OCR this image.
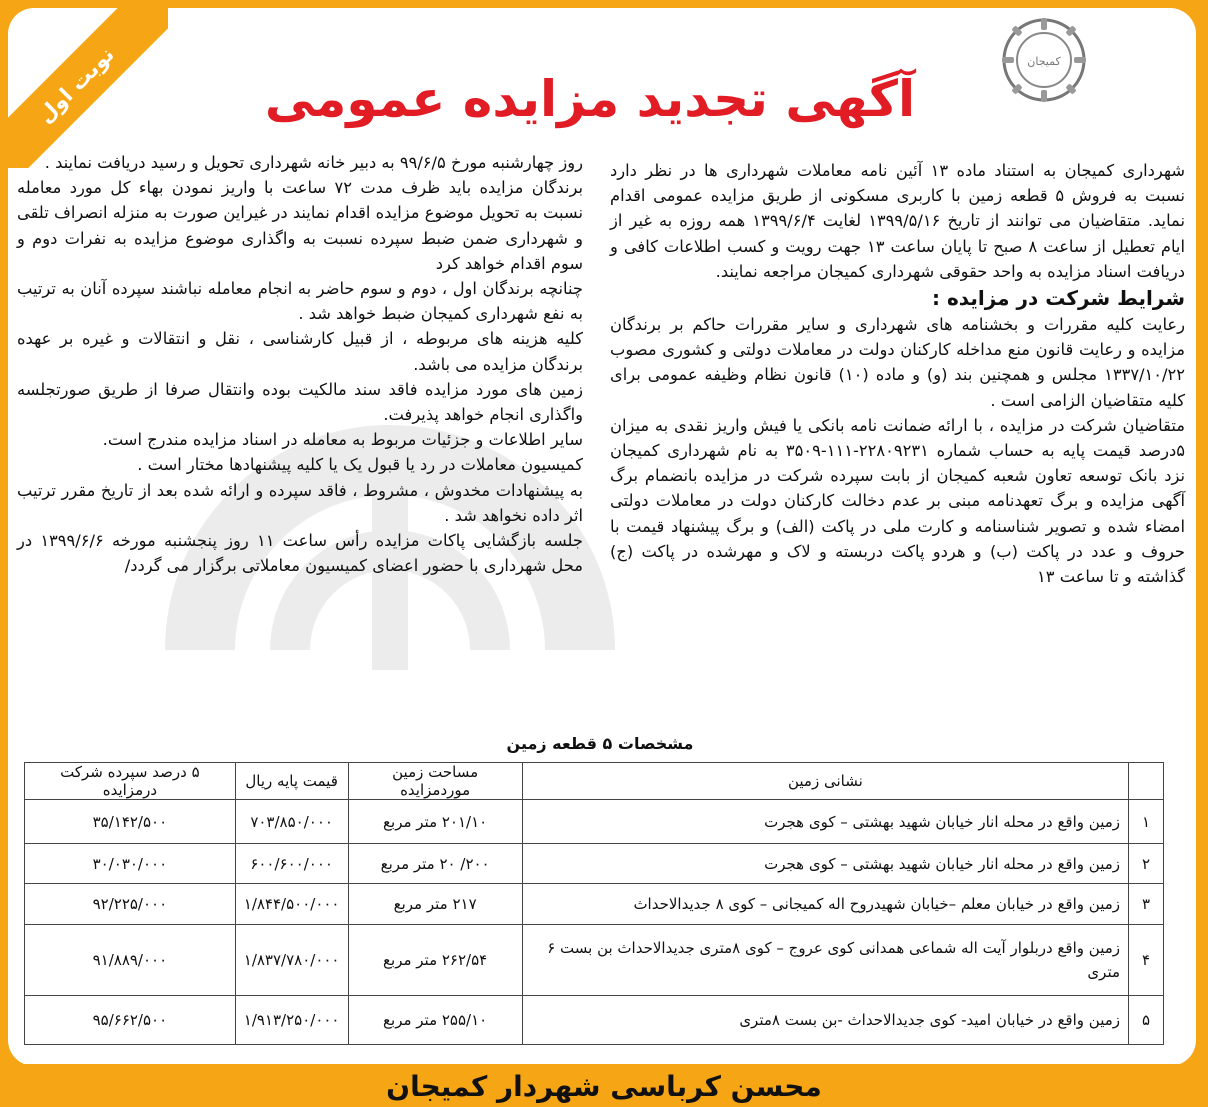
نوبت اول	کمیجان
آگهی تجدید مزایده عمومی

شهرداری کمیجان به استناد ماده ۱۳ آئین نامه معاملات شهرداری ها در نظر دارد نسبت به فروش ۵ قطعه زمین با کاربری مسکونی از طریق مزایده عمومی اقدام نماید. متقاضیان می توانند از تاریخ ۱۳۹۹/۵/۱۶ لغایت ۱۳۹۹/۶/۴ همه روزه به غیر از ایام تعطیل از ساعت ۸ صبح تا پایان ساعت ۱۳ جهت رویت و کسب اطلاعات کافی و دریافت اسناد مزایده به واحد حقوقی شهرداری کمیجان مراجعه نمایند.

شرایط شرکت در مزایده :

رعایت کلیه مقررات و بخشنامه های شهرداری و سایر مقررات حاکم بر برندگان مزایده و رعایت قانون منع مداخله کارکنان دولت در معاملات دولتی و کشوری مصوب ۱۳۳۷/۱۰/۲۲ مجلس و همچنین بند (و) و ماده (۱۰) قانون نظام وظیفه عمومی برای کلیه متقاضیان الزامی است .

متقاضیان شرکت در مزایده ، با ارائه ضمانت نامه بانکی یا فیش واریز نقدی به میزان ۵درصد قیمت پایه به حساب شماره ۲۲۸۰۹۲۳۱-۱۱۱-۳۵۰۹ به نام شهرداری کمیجان نزد بانک توسعه تعاون شعبه کمیجان از بابت سپرده شرکت در مزایده بانضمام برگ آگهی مزایده و برگ تعهدنامه مبنی بر عدم دخالت کارکنان دولت در معاملات دولتی امضاء شده و تصویر شناسنامه و کارت ملی در پاکت (الف) و برگ پیشنهاد قیمت با حروف و عدد در پاکت (ب) و هردو پاکت دربسته و لاک و مهرشده در پاکت (ج) گذاشته و تا ساعت ۱۳

روز چهارشنبه مورخ ۹۹/۶/۵ به دبیر خانه شهرداری تحویل و رسید دریافت نمایند .

برندگان مزایده باید ظرف مدت ۷۲ ساعت با واریز نمودن بهاء کل مورد معامله نسبت به تحویل موضوع مزایده اقدام نمایند در غیراین صورت به منزله انصراف تلقی و شهرداری ضمن ضبط سپرده نسبت به واگذاری موضوع مزایده به نفرات دوم و سوم اقدام خواهد کرد

چنانچه برندگان اول ، دوم و سوم حاضر به انجام معامله نباشند سپرده آنان به ترتیب به نفع شهرداری کمیجان ضبط خواهد شد .

کلیه هزینه های مربوطه ، از قبیل کارشناسی ، نقل و انتقالات و غیره بر عهده برندگان مزایده می باشد.

زمین های مورد مزایده فاقد سند مالکیت بوده وانتقال صرفا از طریق صورتجلسه واگذاری انجام خواهد پذیرفت.

سایر اطلاعات و جزئیات مربوط به معامله در اسناد مزایده مندرج است.

کمیسیون معاملات در رد یا قبول یک یا کلیه پیشنهادها مختار است .

به پیشنهادات مخدوش ، مشروط ، فاقد سپرده و ارائه شده بعد از تاریخ مقرر ترتیب اثر داده نخواهد شد .

جلسه بازگشایی پاکات مزایده رأس ساعت ۱۱ روز پنجشنبه مورخه ۱۳۹۹/۶/۶ در محل شهرداری با حضور اعضای کمیسیون معاملاتی برگزار می گردد/

مشخصات ۵ قطعه زمین
	نشانی زمین	مساحت زمین موردمزایده	قیمت پایه ریال	۵ درصد سپرده شرکت درمزایده
۱	زمین واقع در محله انار خیابان شهید بهشتی – کوی هجرت	۲۰۱/۱۰ متر مربع	۷۰۳/۸۵۰/۰۰۰	۳۵/۱۴۲/۵۰۰
۲	زمین واقع در محله انار خیابان شهید بهشتی – کوی هجرت	۲۰۰/ ۲۰ متر مربع	۶۰۰/۶۰۰/۰۰۰	۳۰/۰۳۰/۰۰۰
۳	زمین واقع در خیابان معلم –خیابان شهیدروح اله کمیجانی – کوی ۸ جدیدالاحداث	۲۱۷ متر مربع	۱/۸۴۴/۵۰۰/۰۰۰	۹۲/۲۲۵/۰۰۰
۴	زمین واقع دربلوار آیت اله شماعی همدانی کوی عروج – کوی ۸متری جدیدالاحداث بن بست ۶ متری	۲۶۲/۵۴ متر مربع	۱/۸۳۷/۷۸۰/۰۰۰	۹۱/۸۸۹/۰۰۰
۵	زمین واقع در خیابان امید- کوی جدیدالاحداث -بن بست ۸متری	۲۵۵/۱۰ متر مربع	۱/۹۱۳/۲۵۰/۰۰۰	۹۵/۶۶۲/۵۰۰
محسن کرباسی شهردار کمیجان
